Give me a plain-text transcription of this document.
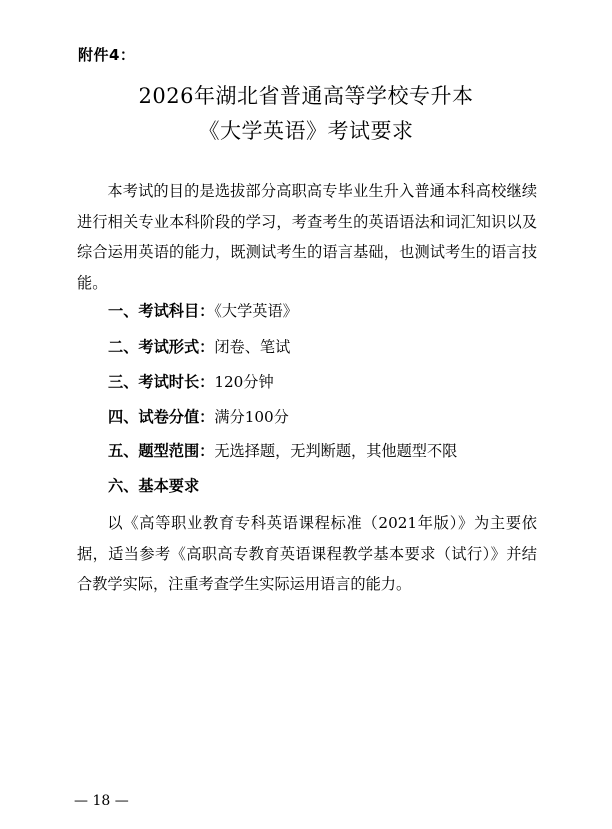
附件4：
2026年湖北省普通高等学校专升本
《大学英语》考试要求
本考试的目的是选拔部分高职高专毕业生升入普通本科高校继续进行相关专业本科阶段的学习，考查考生的英语语法和词汇知识以及综合运用英语的能力，既测试考生的语言基础，也测试考生的语言技能。
一、考试科目：《大学英语》
二、考试形式：闭卷、笔试
三、考试时长：120分钟
四、试卷分值：满分100分
五、题型范围：无选择题，无判断题，其他题型不限
六、基本要求
以《高等职业教育专科英语课程标准（2021年版）》为主要依据，适当参考《高职高专教育英语课程教学基本要求（试行）》并结合教学实际，注重考查学生实际运用语言的能力。
— 18 —
